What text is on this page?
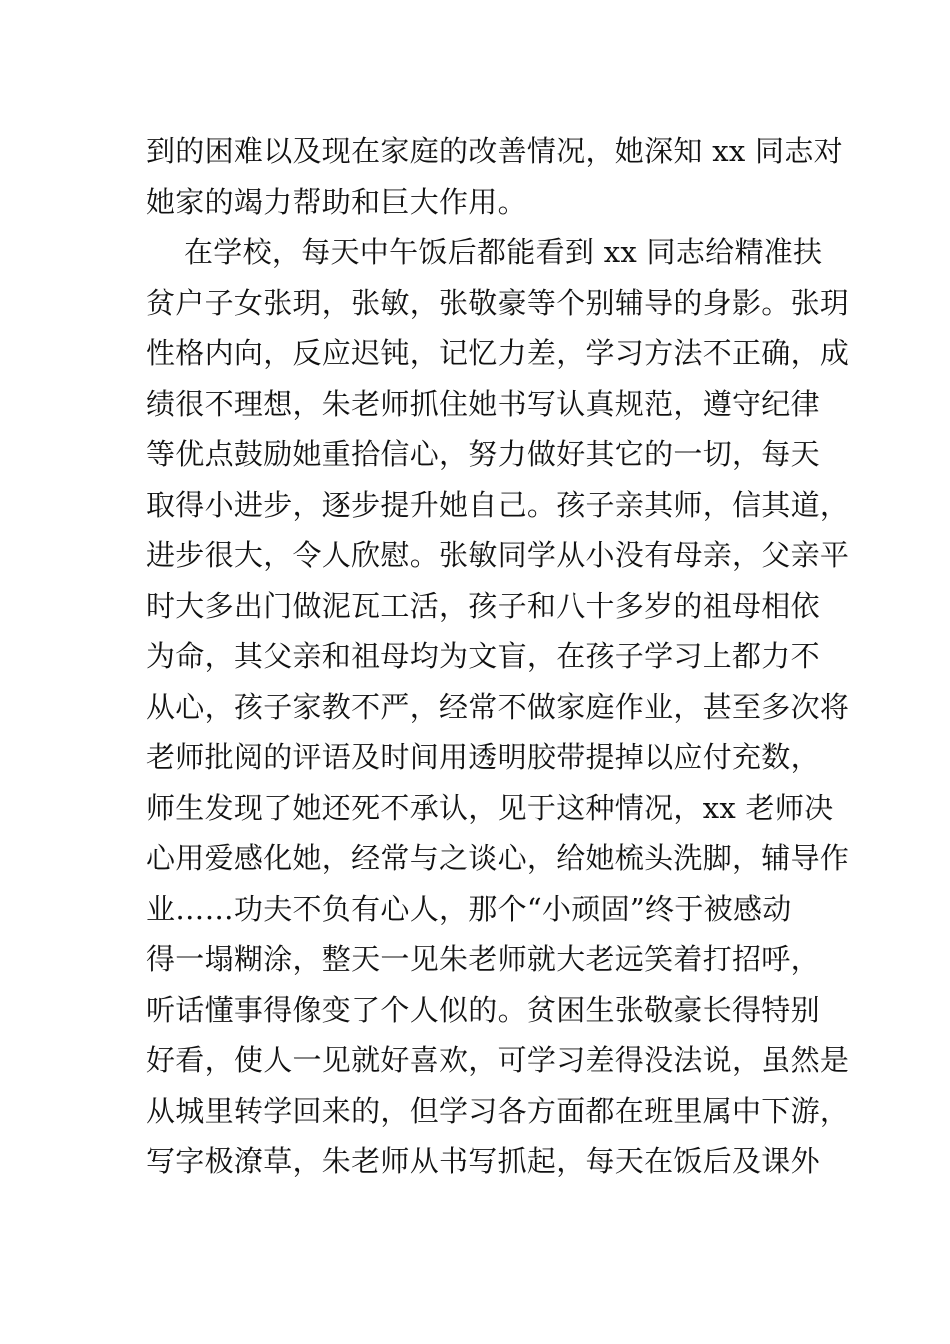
到的困难以及现在家庭的改善情况，她深知 xx 同志对
她家的竭力帮助和巨大作用。
在学校，每天中午饭后都能看到 xx 同志给精准扶
贫户子女张玥，张敏，张敬豪等个别辅导的身影。张玥
性格内向，反应迟钝，记忆力差，学习方法不正确，成
绩很不理想，朱老师抓住她书写认真规范，遵守纪律
等优点鼓励她重拾信心，努力做好其它的一切，每天
取得小进步，逐步提升她自己。孩子亲其师，信其道，
进步很大，令人欣慰。张敏同学从小没有母亲，父亲平
时大多出门做泥瓦工活，孩子和八十多岁的祖母相依
为命，其父亲和祖母均为文盲，在孩子学习上都力不
从心，孩子家教不严，经常不做家庭作业，甚至多次将
老师批阅的评语及时间用透明胶带提掉以应付充数，
师生发现了她还死不承认，见于这种情况，xx 老师决
心用爱感化她，经常与之谈心，给她梳头洗脚，辅导作
业……功夫不负有心人，那个“小顽固”终于被感动
得一塌糊涂，整天一见朱老师就大老远笑着打招呼，
听话懂事得像变了个人似的。贫困生张敬豪长得特别
好看，使人一见就好喜欢，可学习差得没法说，虽然是
从城里转学回来的，但学习各方面都在班里属中下游，
写字极潦草，朱老师从书写抓起，每天在饭后及课外
